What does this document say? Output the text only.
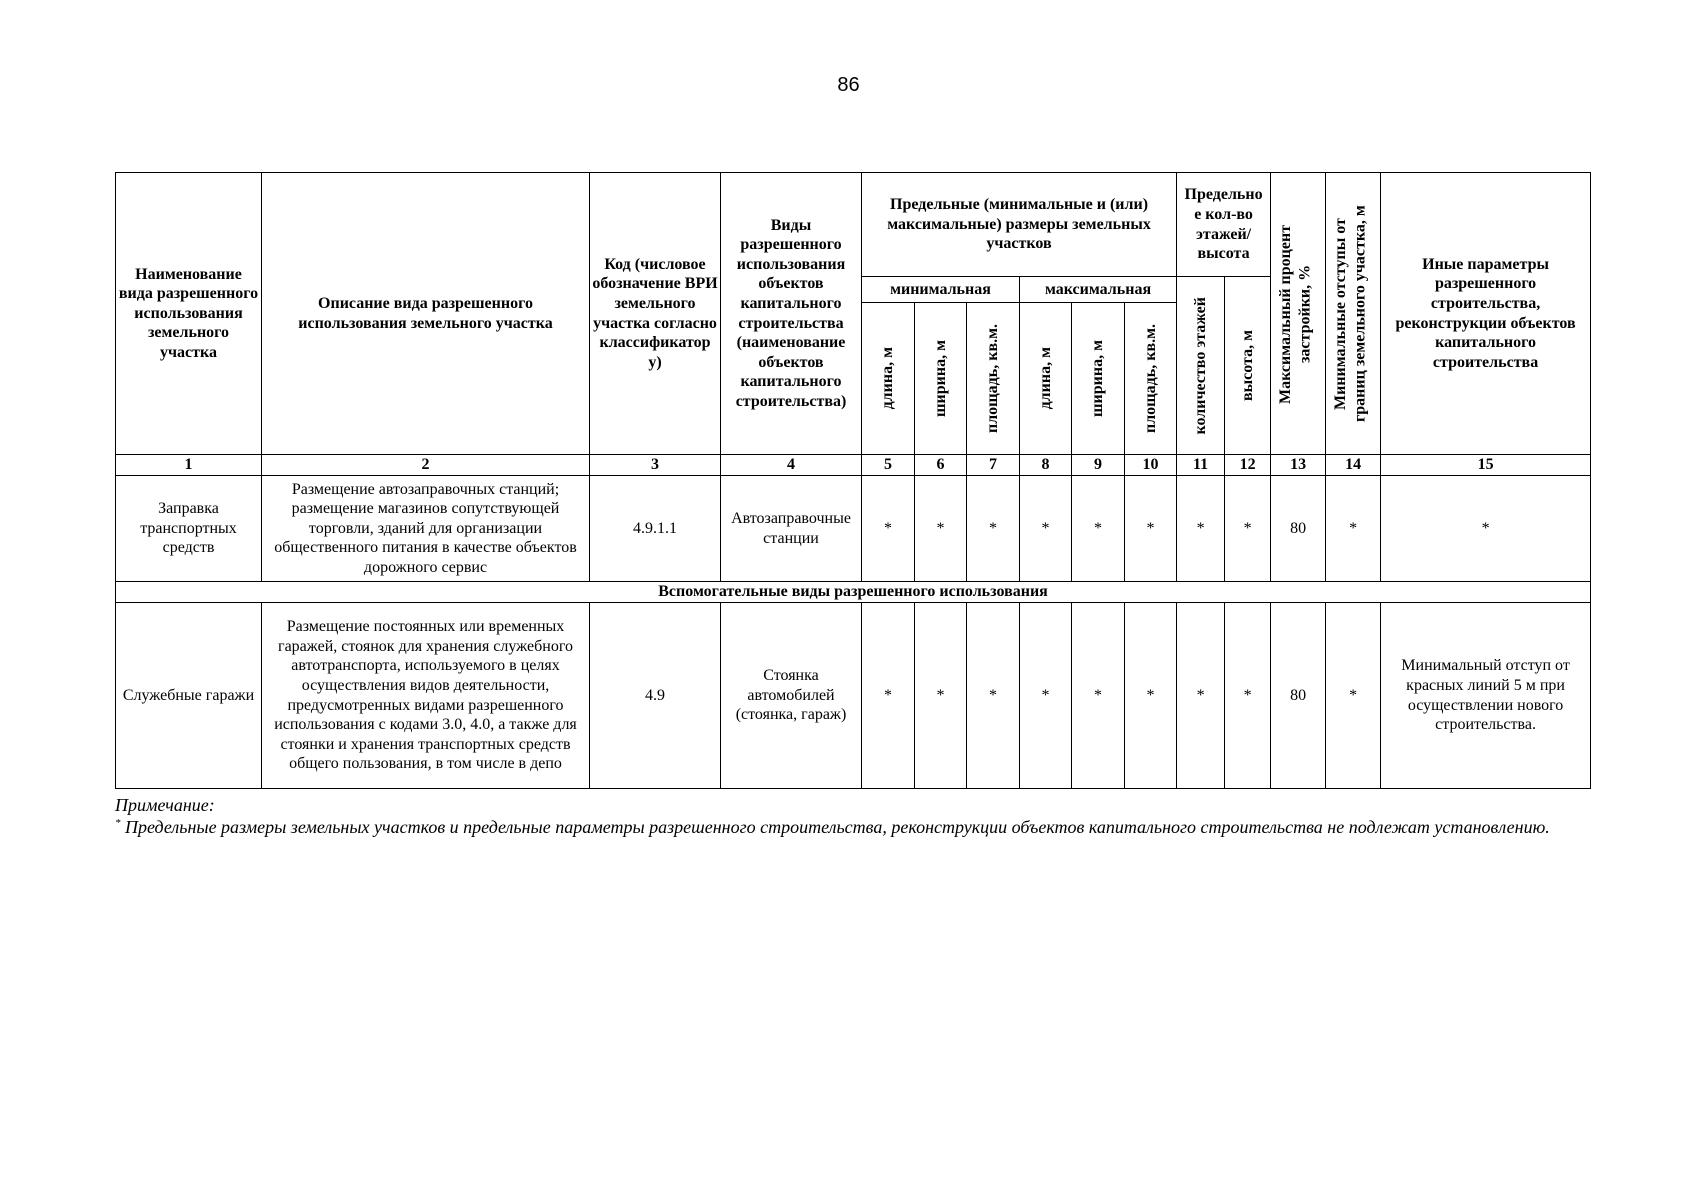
86
Наименование вида разрешенного использования земельного участка	Описание вида разрешенного использования земельного участка	Код (числовое обозначение ВРИ земельного участка согласно классификатор у)	Виды разрешенного использования объектов капитального строительства (наименование объектов капитального строительства)	Предельные (минимальные и (или) максимальные) размеры земельных участков						Предельно е кол-во этажей/ высота		Максимальный процент застройки, %	Минимальные отступы от границ земельного участка, м	Иные параметры разрешенного строительства, реконструкции объектов капитального строительства
				минимальная			максимальная			количество этажей	высота, м			

				длина, м	ширина, м	площадь, кв.м.	длина, м	ширина, м	площадь, кв.м.					

1	2	3	4	5	6	7	8	9	10	11	12	13	14	15
Заправка транспортных средств	Размещение автозаправочных станций; размещение магазинов сопутствующей торговли, зданий для организации общественного питания в качестве объектов дорожного сервис	4.9.1.1	Автозаправочные станции	*	*	*	*	*	*	*	*	80	*	*
Вспомогательные виды разрешенного использования														
Служебные гаражи	Размещение постоянных или временных гаражей, стоянок для хранения служебного автотранспорта, используемого в целях осуществления видов деятельности, предусмотренных видами разрешенного использования с кодами 3.0, 4.0, а также для стоянки и хранения транспортных средств общего пользования, в том числе в депо	4.9	Стоянка автомобилей (стоянка, гараж)	*	*	*	*	*	*	*	*	80	*	Минимальный отступ от красных линий 5 м при осуществлении нового строительства.

Примечание:

* Предельные размеры земельных участков и предельные параметры разрешенного строительства, реконструкции объектов капитального строительства не подлежат установлению.
